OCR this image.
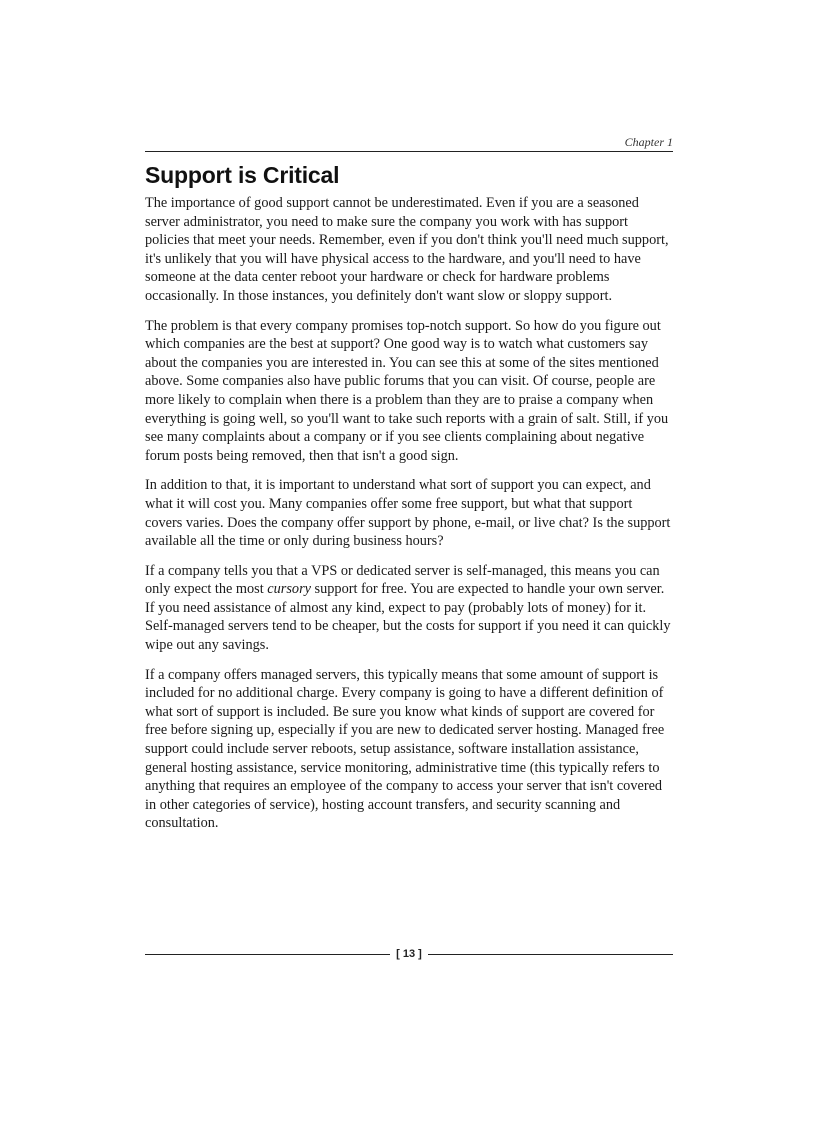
Chapter 1
Support is Critical

The importance of good support cannot be underestimated. Even if you are a seasoned server administrator, you need to make sure the company you work with has support policies that meet your needs. Remember, even if you don't think you'll need much support, it's unlikely that you will have physical access to the hardware, and you'll need to have someone at the data center reboot your hardware or check for hardware problems occasionally. In those instances, you definitely don't want slow or sloppy support.

The problem is that every company promises top-notch support. So how do you figure out which companies are the best at support? One good way is to watch what customers say about the companies you are interested in. You can see this at some of the sites mentioned above. Some companies also have public forums that you can visit. Of course, people are more likely to complain when there is a problem than they are to praise a company when everything is going well, so you'll want to take such reports with a grain of salt. Still, if you see many complaints about a company or if you see clients complaining about negative forum posts being removed, then that isn't a good sign.

In addition to that, it is important to understand what sort of support you can expect, and what it will cost you. Many companies offer some free support, but what that support covers varies. Does the company offer support by phone, e-mail, or live chat? Is the support available all the time or only during business hours?

If a company tells you that a VPS or dedicated server is self-managed, this means you can only expect the most cursory support for free. You are expected to handle your own server. If you need assistance of almost any kind, expect to pay (probably lots of money) for it. Self-managed servers tend to be cheaper, but the costs for support if you need it can quickly wipe out any savings.

If a company offers managed servers, this typically means that some amount of support is included for no additional charge. Every company is going to have a different definition of what sort of support is included. Be sure you know what kinds of support are covered for free before signing up, especially if you are new to dedicated server hosting. Managed free support could include server reboots, setup assistance, software installation assistance, general hosting assistance, service monitoring, administrative time (this typically refers to anything that requires an employee of the company to access your server that isn't covered in other categories of service), hosting account transfers, and security scanning and consultation.

[ 13 ]
